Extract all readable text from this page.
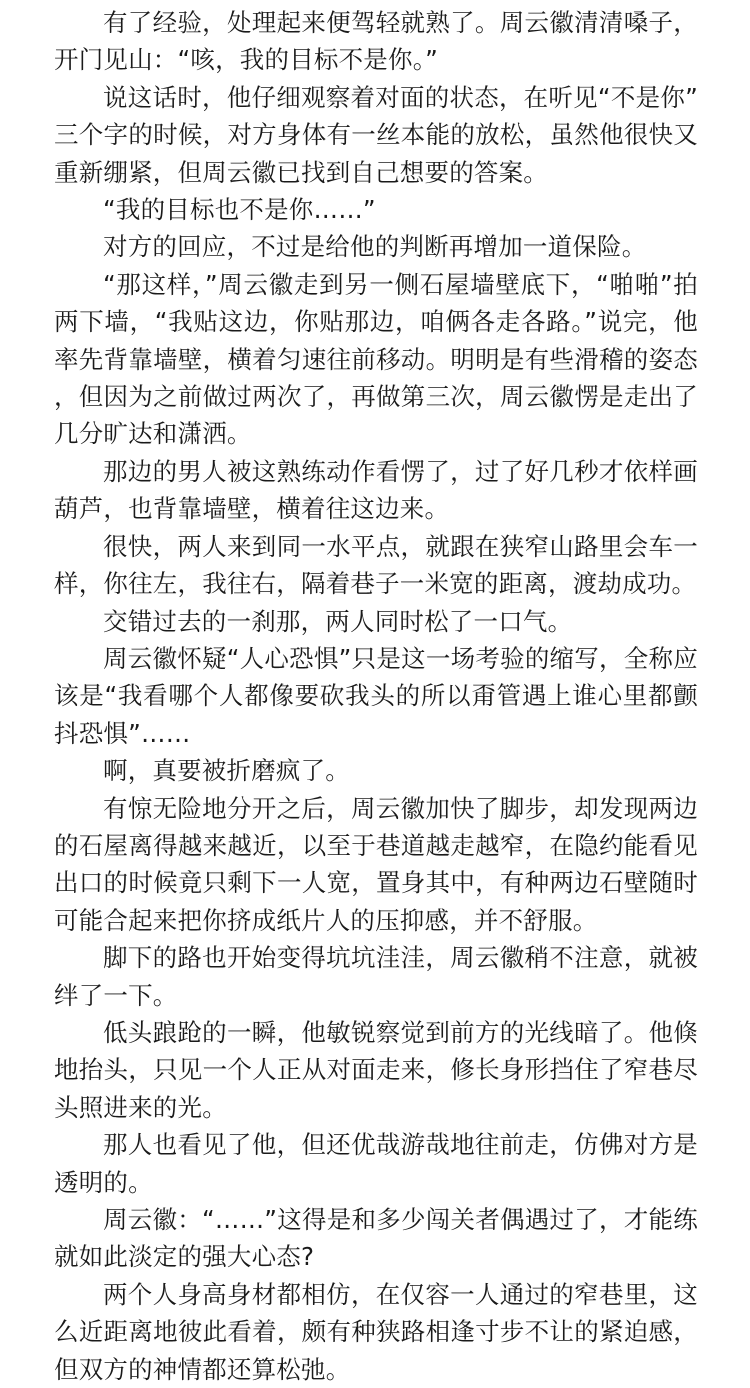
有了经验，处理起来便驾轻就熟了。周云徽清清嗓子，开门见山：“咳，我的目标不是你。”

说这话时，他仔细观察着对面的状态，在听见“不是你”三个字的时候，对方身体有一丝本能的放松，虽然他很快又重新绷紧，但周云徽已找到自己想要的答案。

“我的目标也不是你……”

对方的回应，不过是给他的判断再增加一道保险。

“那这样，”周云徽走到另一侧石屋墙壁底下，“啪啪”拍两下墙，“我贴这边，你贴那边，咱俩各走各路。”说完，他率先背靠墙壁，横着匀速往前移动。明明是有些滑稽的姿态，但因为之前做过两次了，再做第三次，周云徽愣是走出了几分旷达和潇洒。

那边的男人被这熟练动作看愣了，过了好几秒才依样画葫芦，也背靠墙壁，横着往这边来。

很快，两人来到同一水平点，就跟在狭窄山路里会车一样，你往左，我往右，隔着巷子一米宽的距离，渡劫成功。

交错过去的一刹那，两人同时松了一口气。

周云徽怀疑“人心恐惧”只是这一场考验的缩写，全称应该是“我看哪个人都像要砍我头的所以甭管遇上谁心里都颤抖恐惧”……

啊，真要被折磨疯了。

有惊无险地分开之后，周云徽加快了脚步，却发现两边的石屋离得越来越近，以至于巷道越走越窄，在隐约能看见出口的时候竟只剩下一人宽，置身其中，有种两边石壁随时可能合起来把你挤成纸片人的压抑感，并不舒服。

脚下的路也开始变得坑坑洼洼，周云徽稍不注意，就被绊了一下。

低头踉跄的一瞬，他敏锐察觉到前方的光线暗了。他倏地抬头，只见一个人正从对面走来，修长身形挡住了窄巷尽头照进来的光。

那人也看见了他，但还优哉游哉地往前走，仿佛对方是透明的。

周云徽：“……”这得是和多少闯关者偶遇过了，才能练就如此淡定的强大心态?

两个人身高身材都相仿，在仅容一人通过的窄巷里，这么近距离地彼此看着，颇有种狭路相逢寸步不让的紧迫感，但双方的神情都还算松弛。
